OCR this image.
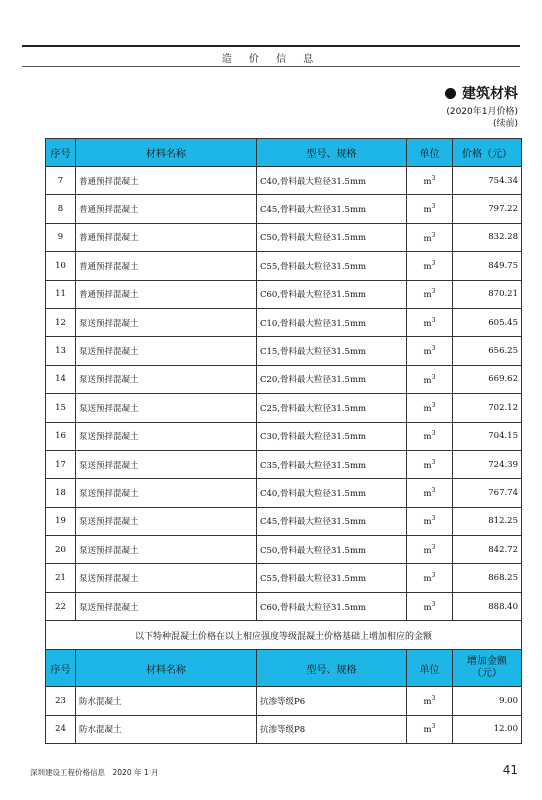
造 价 信 息
建筑材料
(2020年1月价格)
(续前)
序号	材料名称	型号、规格	单位	价格（元）
7	普通预拌混凝土	C40,骨料最大粒径31.5mm	$m^3$	754.34
8	普通预拌混凝土	C45,骨料最大粒径31.5mm	$m^3$	797.22
9	普通预拌混凝土	C50,骨料最大粒径31.5mm	$m^3$	832.28
10	普通预拌混凝土	C55,骨料最大粒径31.5mm	$m^3$	849.75
11	普通预拌混凝土	C60,骨料最大粒径31.5mm	$m^3$	870.21
12	泵送预拌混凝土	C10,骨料最大粒径31.5mm	$m^3$	605.45
13	泵送预拌混凝土	C15,骨料最大粒径31.5mm	$m^3$	656.25
14	泵送预拌混凝土	C20,骨料最大粒径31.5mm	$m^3$	669.62
15	泵送预拌混凝土	C25,骨料最大粒径31.5mm	$m^3$	702.12
16	泵送预拌混凝土	C30,骨料最大粒径31.5mm	$m^3$	704.15
17	泵送预拌混凝土	C35,骨料最大粒径31.5mm	$m^3$	724.39
18	泵送预拌混凝土	C40,骨料最大粒径31.5mm	$m^3$	767.74
19	泵送预拌混凝土	C45,骨料最大粒径31.5mm	$m^3$	812.25
20	泵送预拌混凝土	C50,骨料最大粒径31.5mm	$m^3$	842.72
21	泵送预拌混凝土	C55,骨料最大粒径31.5mm	$m^3$	868.25
22	泵送预拌混凝土	C60,骨料最大粒径31.5mm	$m^3$	888.40
以下特种混凝土价格在以上相应强度等级混凝土价格基础上增加相应的金额				
序号	材料名称	型号、规格	单位	增加金额
（元）

23	防水混凝土	抗渗等级P6	$m^3$	9.00
24	防水混凝土	抗渗等级P8	$m^3$	12.00
深圳建设工程价格信息　2020 年 1 月	41
